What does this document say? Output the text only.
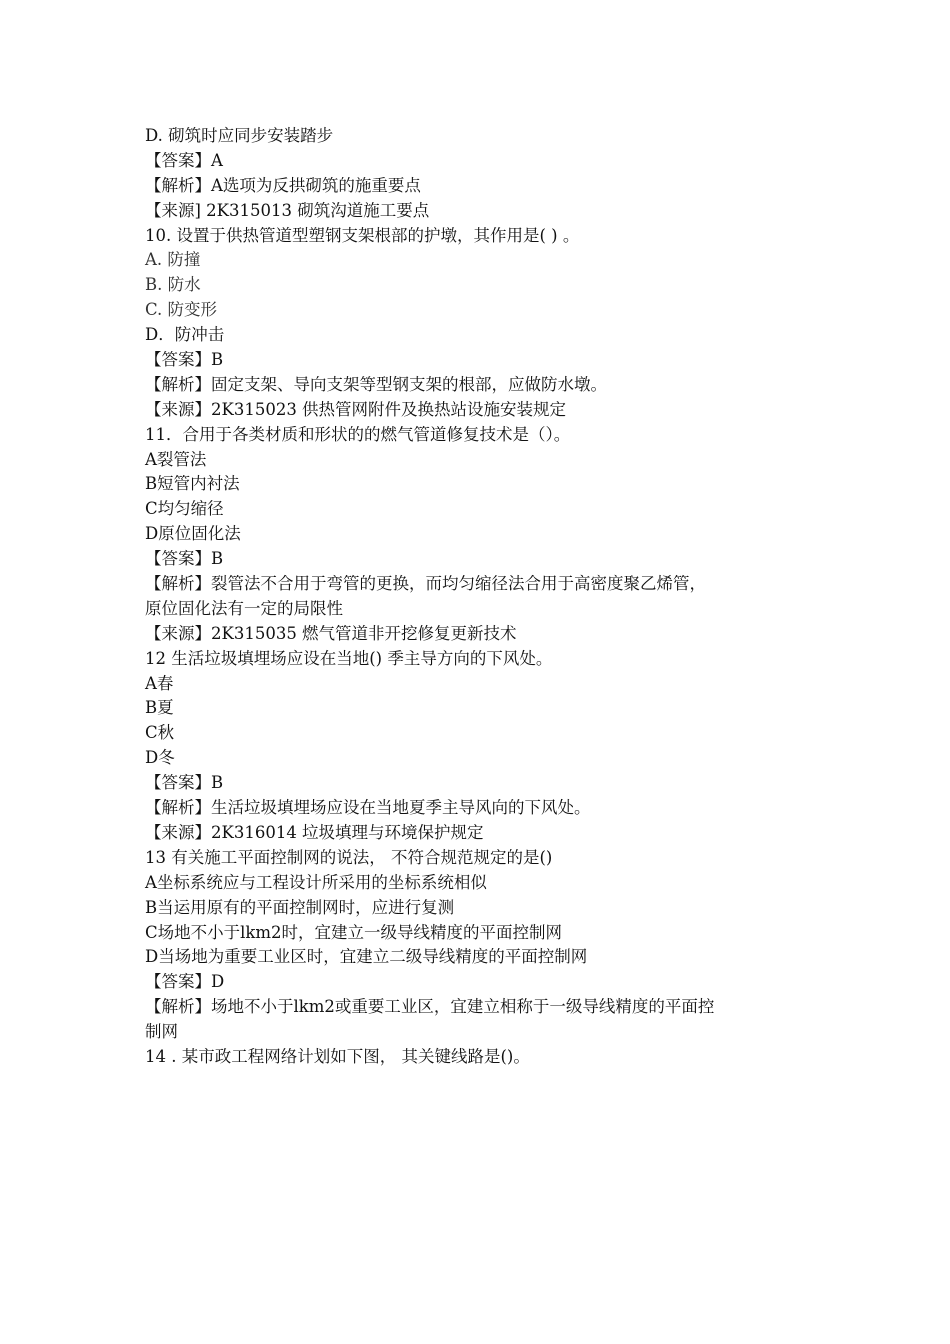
D. 砌筑时应同步安装踏步
【答案】A
【解析】A选项为反拱砌筑的施重要点
【来源] 2K315013 砌筑沟道施工要点
10. 设置于供热管道型塑钢支架根部的护墩，其作用是( ) 。
A. 防撞
B. 防水
C. 防变形
D．防冲击
【答案】B
【解析】固定支架、导向支架等型钢支架的根部，应做防水墩。
【来源】2K315023 供热管网附件及换热站设施安装规定
11．合用于各类材质和形状的的燃气管道修复技术是（）。
A裂管法
B短管内衬法
C均匀缩径
D原位固化法
【答案】B
【解析】裂管法不合用于弯管的更换，而均匀缩径法合用于高密度聚乙烯管，
原位固化法有一定的局限性
【来源】2K315035 燃气管道非开挖修复更新技术
12 生活垃圾填埋场应设在当地() 季主导方向的下风处。
A春
B夏
C秋
D冬
【答案】B
【解析】生活垃圾填埋场应设在当地夏季主导风向的下风处。
【来源】2K316014 垃圾填理与环境保护规定
13 有关施工平面控制网的说法， 不符合规范规定的是()
A坐标系统应与工程设计所采用的坐标系统相似
B当运用原有的平面控制网时，应进行复测
C场地不小于lkm2时，宜建立一级导线精度的平面控制网
D当场地为重要工业区时，宜建立二级导线精度的平面控制网
【答案】D
【解析】场地不小于lkm2或重要工业区，宜建立相称于一级导线精度的平面控
制网
14 . 某市政工程网络计划如下图， 其关键线路是()。
